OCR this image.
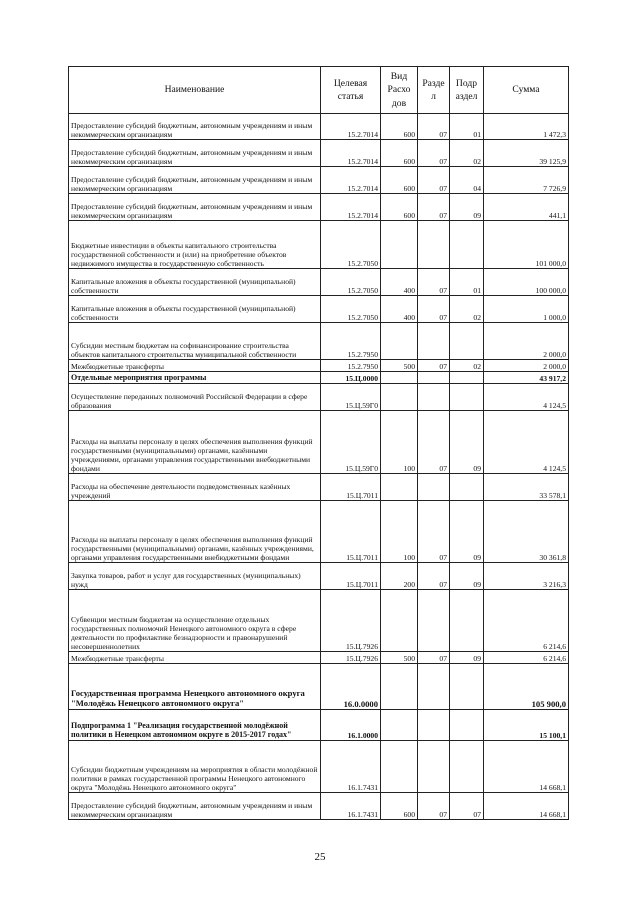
Наименование	Целевая статья	Вид Расхо дов	Разде л	Подр аздел	Сумма
Предоставление субсидий бюджетным, автономным учреждениям и иным некоммерческим организациям	15.2.7014	600	07	01	1 472,3
Предоставление субсидий бюджетным, автономным учреждениям и иным некоммерческим организациям	15.2.7014	600	07	02	39 125,9
Предоставление субсидий бюджетным, автономным учреждениям и иным некоммерческим организациям	15.2.7014	600	07	04	7 726,9
Предоставление субсидий бюджетным, автономным учреждениям и иным некоммерческим организациям	15.2.7014	600	07	09	441,1
Бюджетные инвестиции в объекты капитального строительства государственной собственности и (или) на приобретение объектов недвижимого имущества в государственную собственность	15.2.7050				101 000,0
Капитальные вложения в объекты государственной (муниципальной) собственности	15.2.7050	400	07	01	100 000,0
Капитальные вложения в объекты государственной (муниципальной) собственности	15.2.7050	400	07	02	1 000,0
Субсидии местным бюджетам на софинансирование строительства объектов капитального строительства муниципальной собственности	15.2.7950				2 000,0
Межбюджетные трансферты	15.2.7950	500	07	02	2 000,0
Отдельные мероприятия программы	15.Ц.0000				43 917,2
Осуществление переданных полномочий Российской Федерации в сфере образования	15.Ц.59Г0				4 124,5
Расходы на выплаты персоналу в целях обеспечения выполнения функций государственными (муниципальными) органами, казёнными учреждениями, органами управления государственными внебюджетными фондами	15.Ц.59Г0	100	07	09	4 124,5
Расходы на обеспечение деятельности подведомственных казённых учреждений	15.Ц.7011				33 578,1
Расходы на выплаты персоналу в целях обеспечения выполнения функций государственными (муниципальными) органами, казённых учреждениями, органами управления государственными внебюджетными фондами	15.Ц.7011	100	07	09	30 361,8
Закупка товаров, работ и услуг для государственных (муниципальных) нужд	15.Ц.7011	200	07	09	3 216,3
Субвенции местным бюджетам на осуществление отдельных государственных полномочий Ненецкого автономного округа в сфере деятельности по профилактике безнадзорности и правонарушений несовершеннолетних	15.Ц.7926				6 214,6
Межбюджетные трансферты	15.Ц.7926	500	07	09	6 214,6
Государственная программа Ненецкого автономного округа "Молодёжь Ненецкого автономного округа"	16.0.0000				105 900,0
Подпрограмма 1 "Реализация государственной молодёжной политики в Ненецком автономном округе в 2015-2017 годах"	16.1.0000				15 100,1
Субсидии бюджетным учреждениям на мероприятия в области молодёжной политики в рамках государственной программы Ненецкого автономного округа "Молодёжь Ненецкого автономного округа"	16.1.7431				14 668,1
Предоставление субсидий бюджетным, автономным учреждениям и иным некоммерческим организациям	16.1.7431	600	07	07	14 668,1
25
